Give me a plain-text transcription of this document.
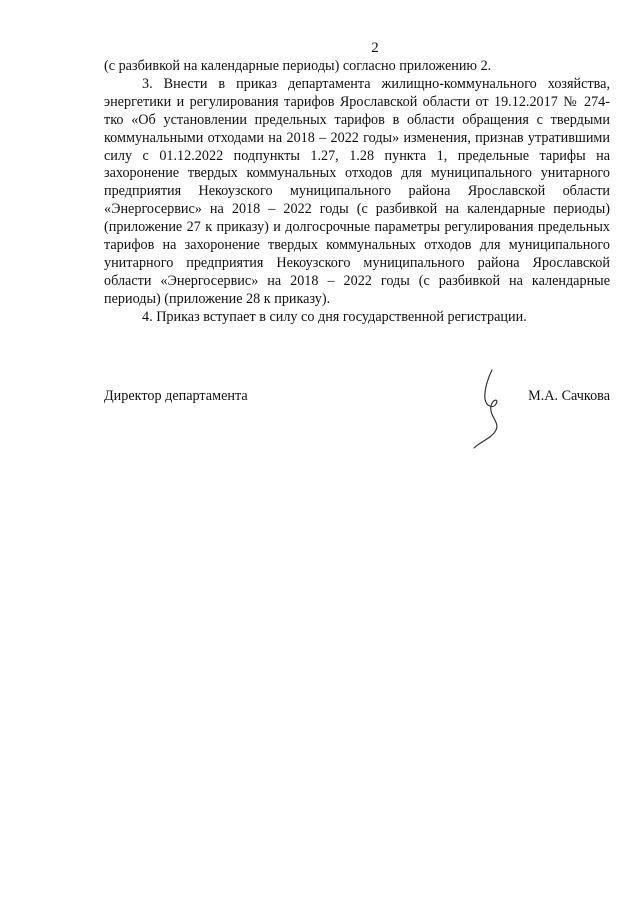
2

(с разбивкой на календарные периоды) согласно приложению 2.

3. Внести в приказ департамента жилищно-коммунального хозяйства, энергетики и регулирования тарифов Ярославской области от 19.12.2017 № 274-тко «Об установлении предельных тарифов в области обращения с твердыми коммунальными отходами на 2018 – 2022 годы» изменения, признав утратившими силу с 01.12.2022 подпункты 1.27, 1.28 пункта 1, предельные тарифы на захоронение твердых коммунальных отходов для муниципального унитарного предприятия Некоузского муниципального района Ярославской области «Энергосервис» на 2018 – 2022 годы (с разбивкой на календарные периоды) (приложение 27 к приказу) и долгосрочные параметры регулирования предельных тарифов на захоронение твердых коммунальных отходов для муниципального унитарного предприятия Некоузского муниципального района Ярославской области «Энергосервис» на 2018 – 2022 годы (с разбивкой на календарные периоды) (приложение 28 к приказу).

4. Приказ вступает в силу со дня государственной регистрации.

Директор департамента	М.А. Сачкова
